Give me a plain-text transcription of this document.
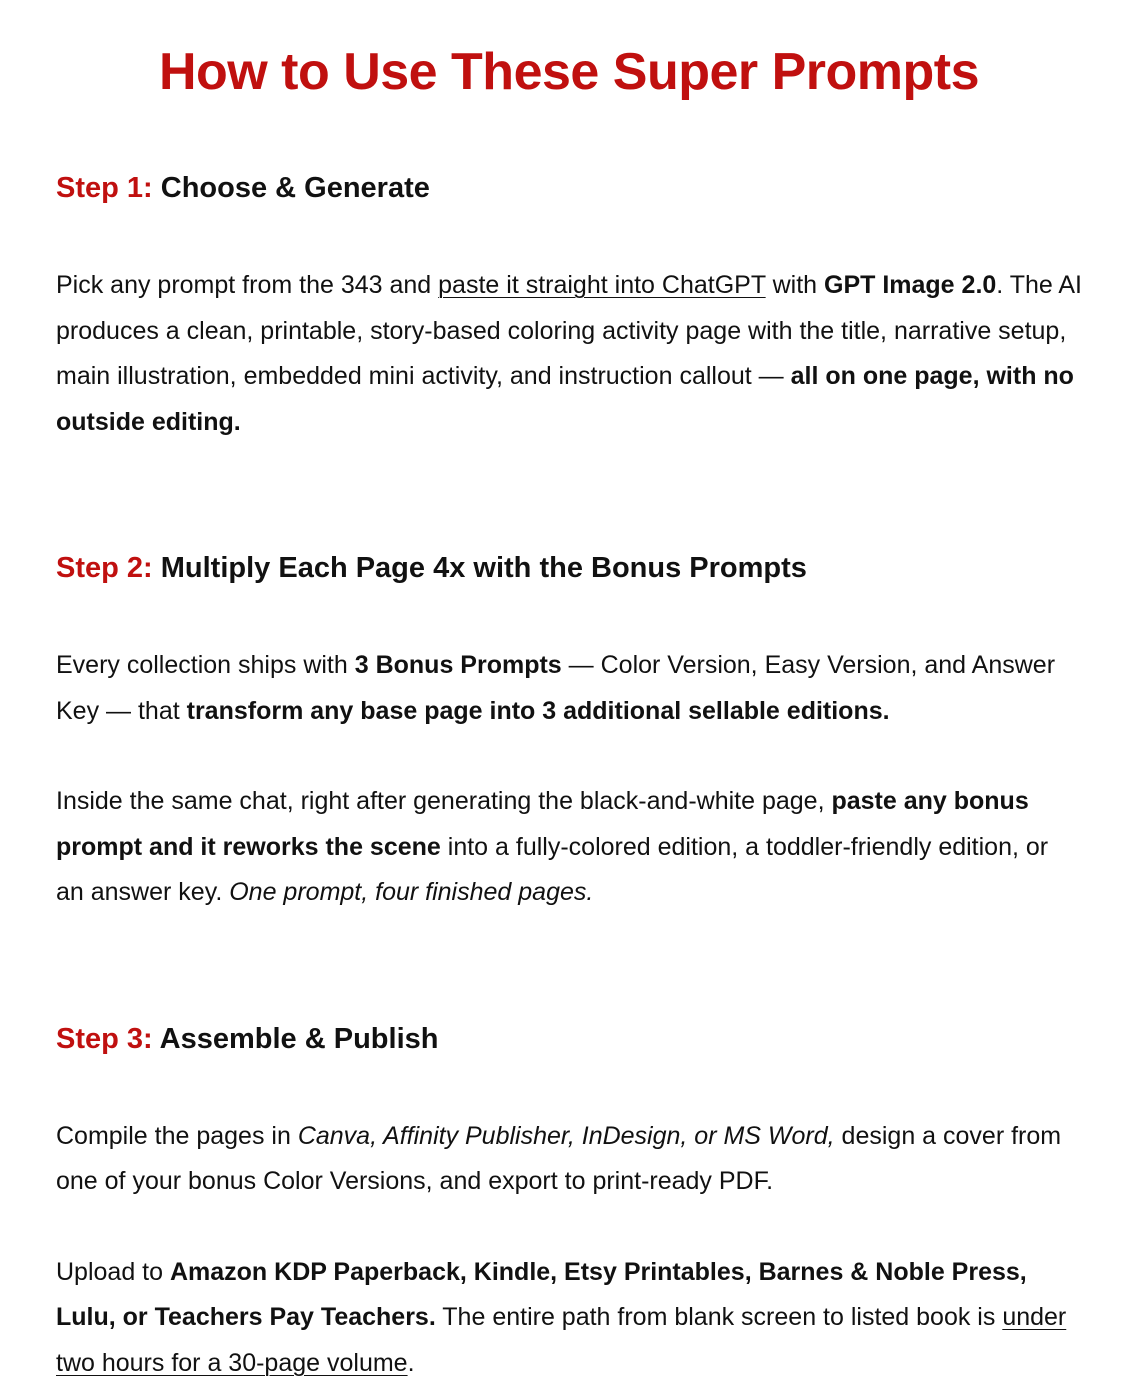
How to Use These Super Prompts
Step 1: Choose & Generate

Pick any prompt from the 343 and paste it straight into ChatGPT with GPT Image 2.0. The AI produces a clean, printable, story-based coloring activity page with the title, narrative setup, main illustration, embedded mini activity, and instruction callout — all on one page, with no outside editing.

Step 2: Multiply Each Page 4x with the Bonus Prompts

Every collection ships with 3 Bonus Prompts — Color Version, Easy Version, and Answer Key — that transform any base page into 3 additional sellable editions.

Inside the same chat, right after generating the black-and-white page, paste any bonus prompt and it reworks the scene into a fully-colored edition, a toddler-friendly edition, or an answer key. One prompt, four finished pages.

Step 3: Assemble & Publish

Compile the pages in Canva, Affinity Publisher, InDesign, or MS Word, design a cover from one of your bonus Color Versions, and export to print-ready PDF.

Upload to Amazon KDP Paperback, Kindle, Etsy Printables, Barnes & Noble Press, Lulu, or Teachers Pay Teachers. The entire path from blank screen to listed book is under two hours for a 30-page volume.
